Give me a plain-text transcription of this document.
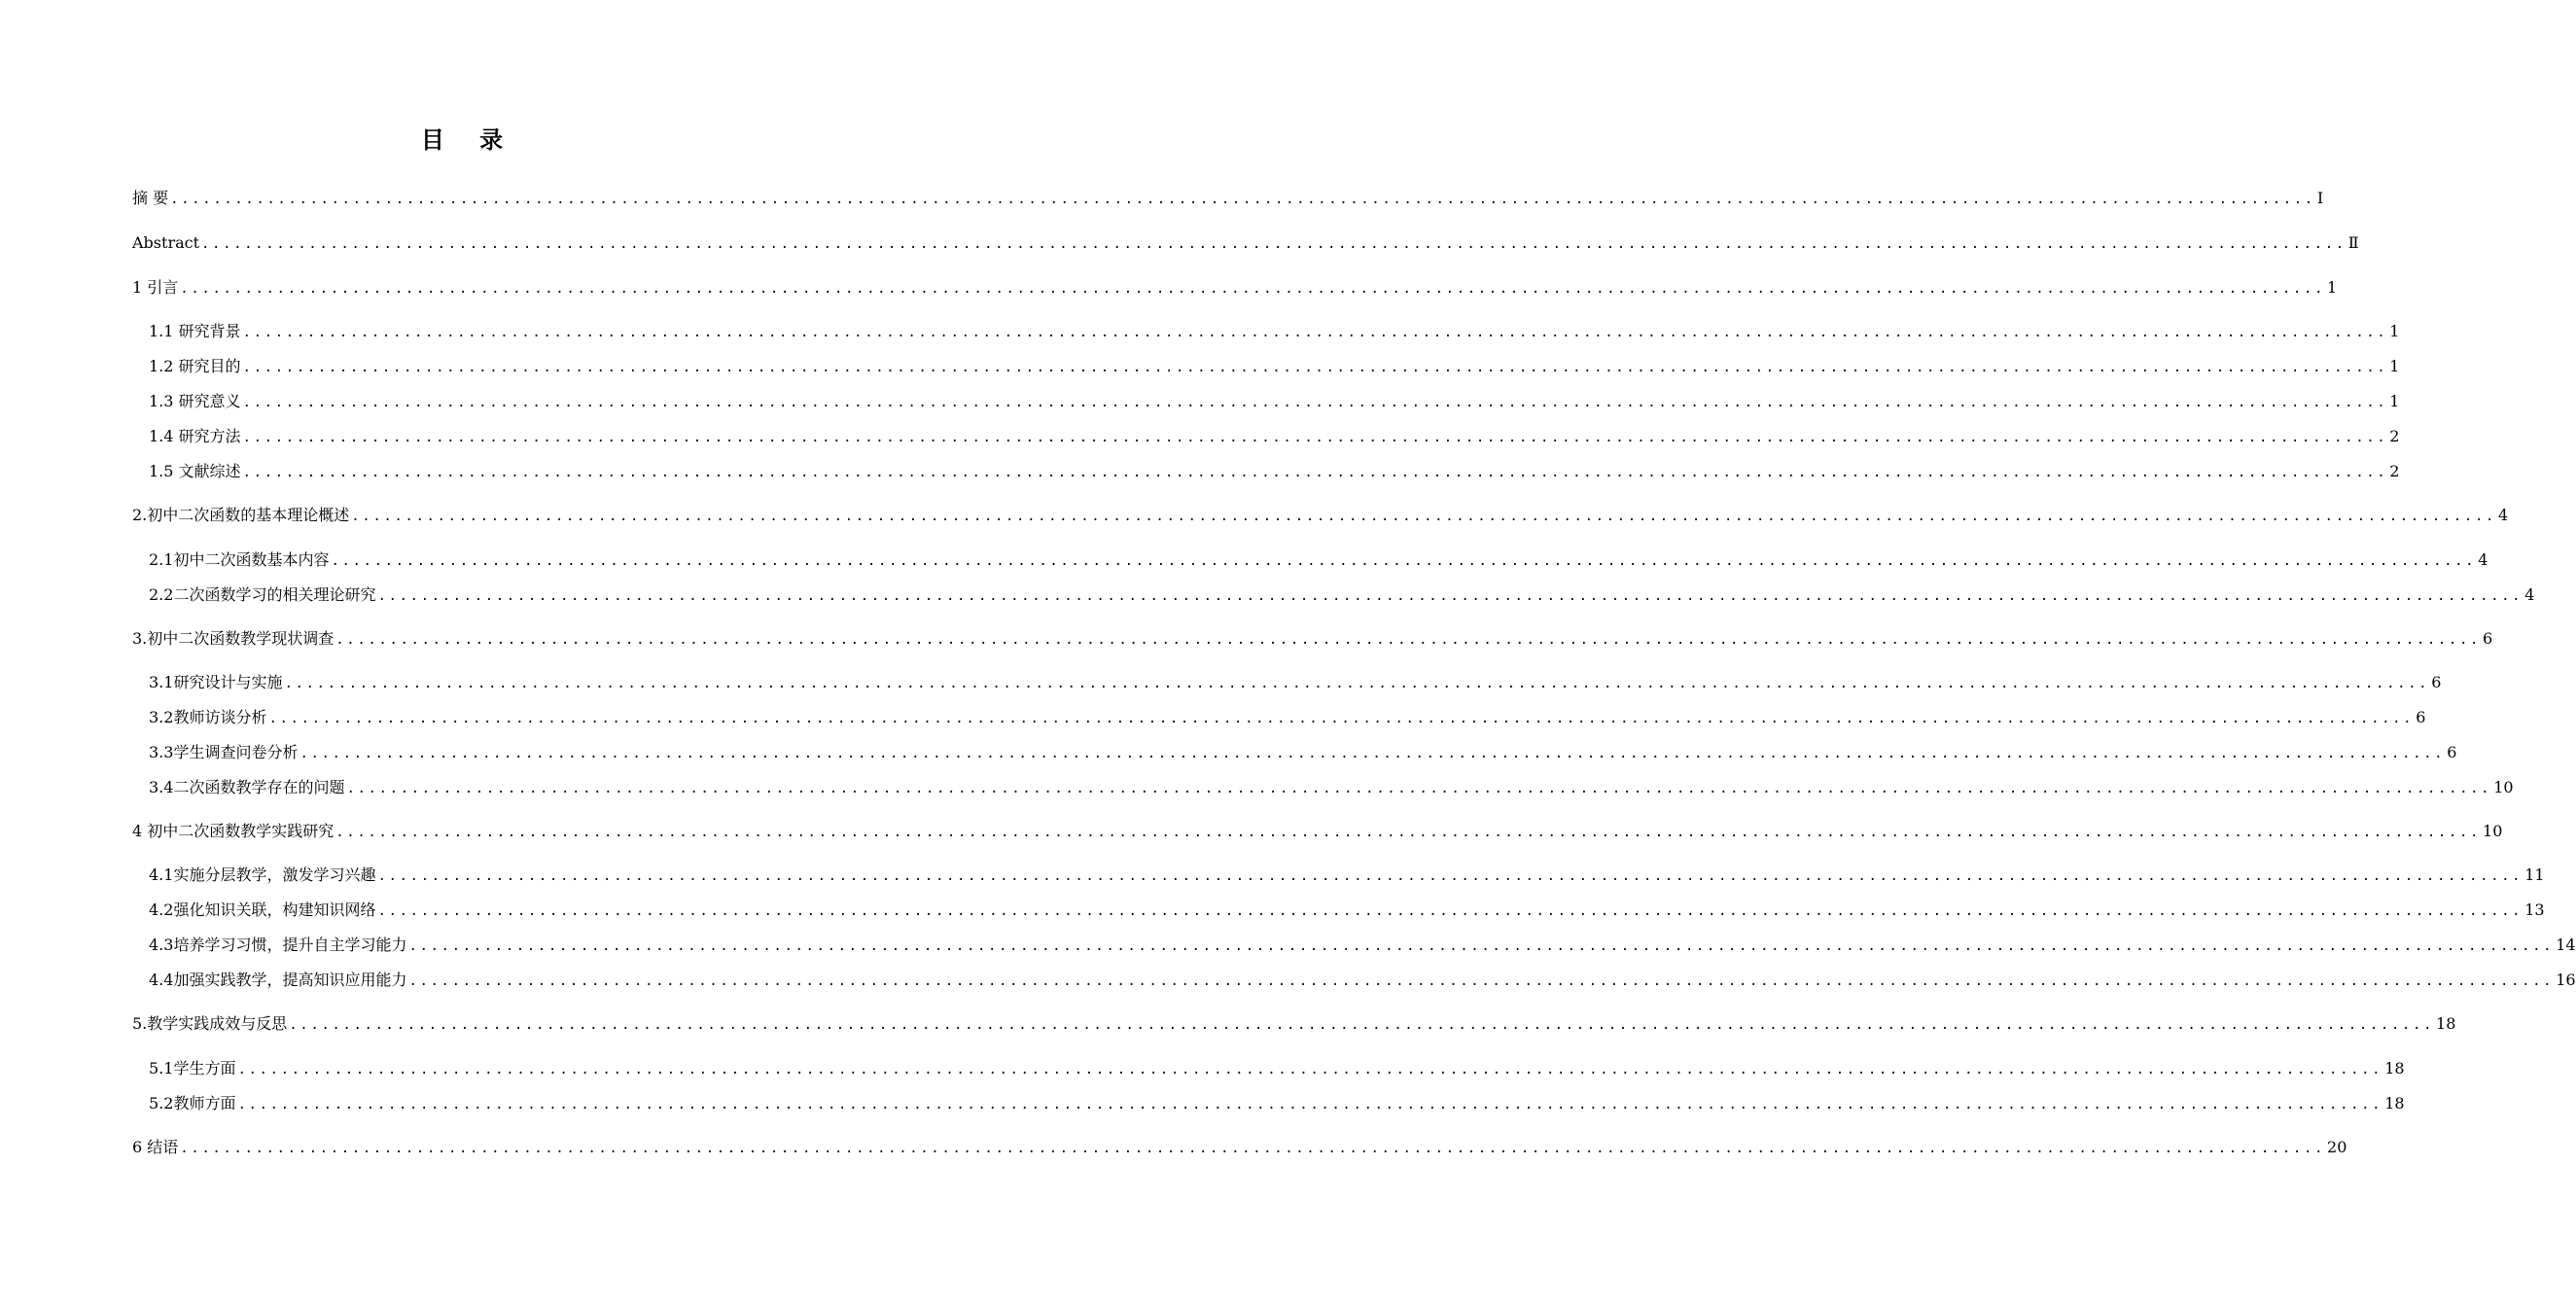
目 录
摘 要 ........................................................................................................................................................................................................ Ⅰ
Abstract ........................................................................................................................................................................................................ Ⅱ
1 引言 ........................................................................................................................................................................................................ 1
1.1 研究背景 ........................................................................................................................................................................................................ 1
1.2 研究目的 ........................................................................................................................................................................................................ 1
1.3 研究意义 ........................................................................................................................................................................................................ 1
1.4 研究方法 ........................................................................................................................................................................................................ 2
1.5 文献综述 ........................................................................................................................................................................................................ 2
2.初中二次函数的基本理论概述 ........................................................................................................................................................................................................ 4
2.1初中二次函数基本内容 ........................................................................................................................................................................................................ 4
2.2二次函数学习的相关理论研究 ........................................................................................................................................................................................................ 4
3.初中二次函数教学现状调查 ........................................................................................................................................................................................................ 6
3.1研究设计与实施 ........................................................................................................................................................................................................ 6
3.2教师访谈分析 ........................................................................................................................................................................................................ 6
3.3学生调查问卷分析 ........................................................................................................................................................................................................ 6
3.4二次函数教学存在的问题 ........................................................................................................................................................................................................ 10
4 初中二次函数教学实践研究 ........................................................................................................................................................................................................ 10
4.1实施分层教学，激发学习兴趣 ........................................................................................................................................................................................................ 11
4.2强化知识关联，构建知识网络 ........................................................................................................................................................................................................ 13
4.3培养学习习惯，提升自主学习能力 ........................................................................................................................................................................................................ 14
4.4加强实践教学，提高知识应用能力 ........................................................................................................................................................................................................ 16
5.教学实践成效与反思 ........................................................................................................................................................................................................ 18
5.1学生方面 ........................................................................................................................................................................................................ 18
5.2教师方面 ........................................................................................................................................................................................................ 18
6 结语 ........................................................................................................................................................................................................ 20
